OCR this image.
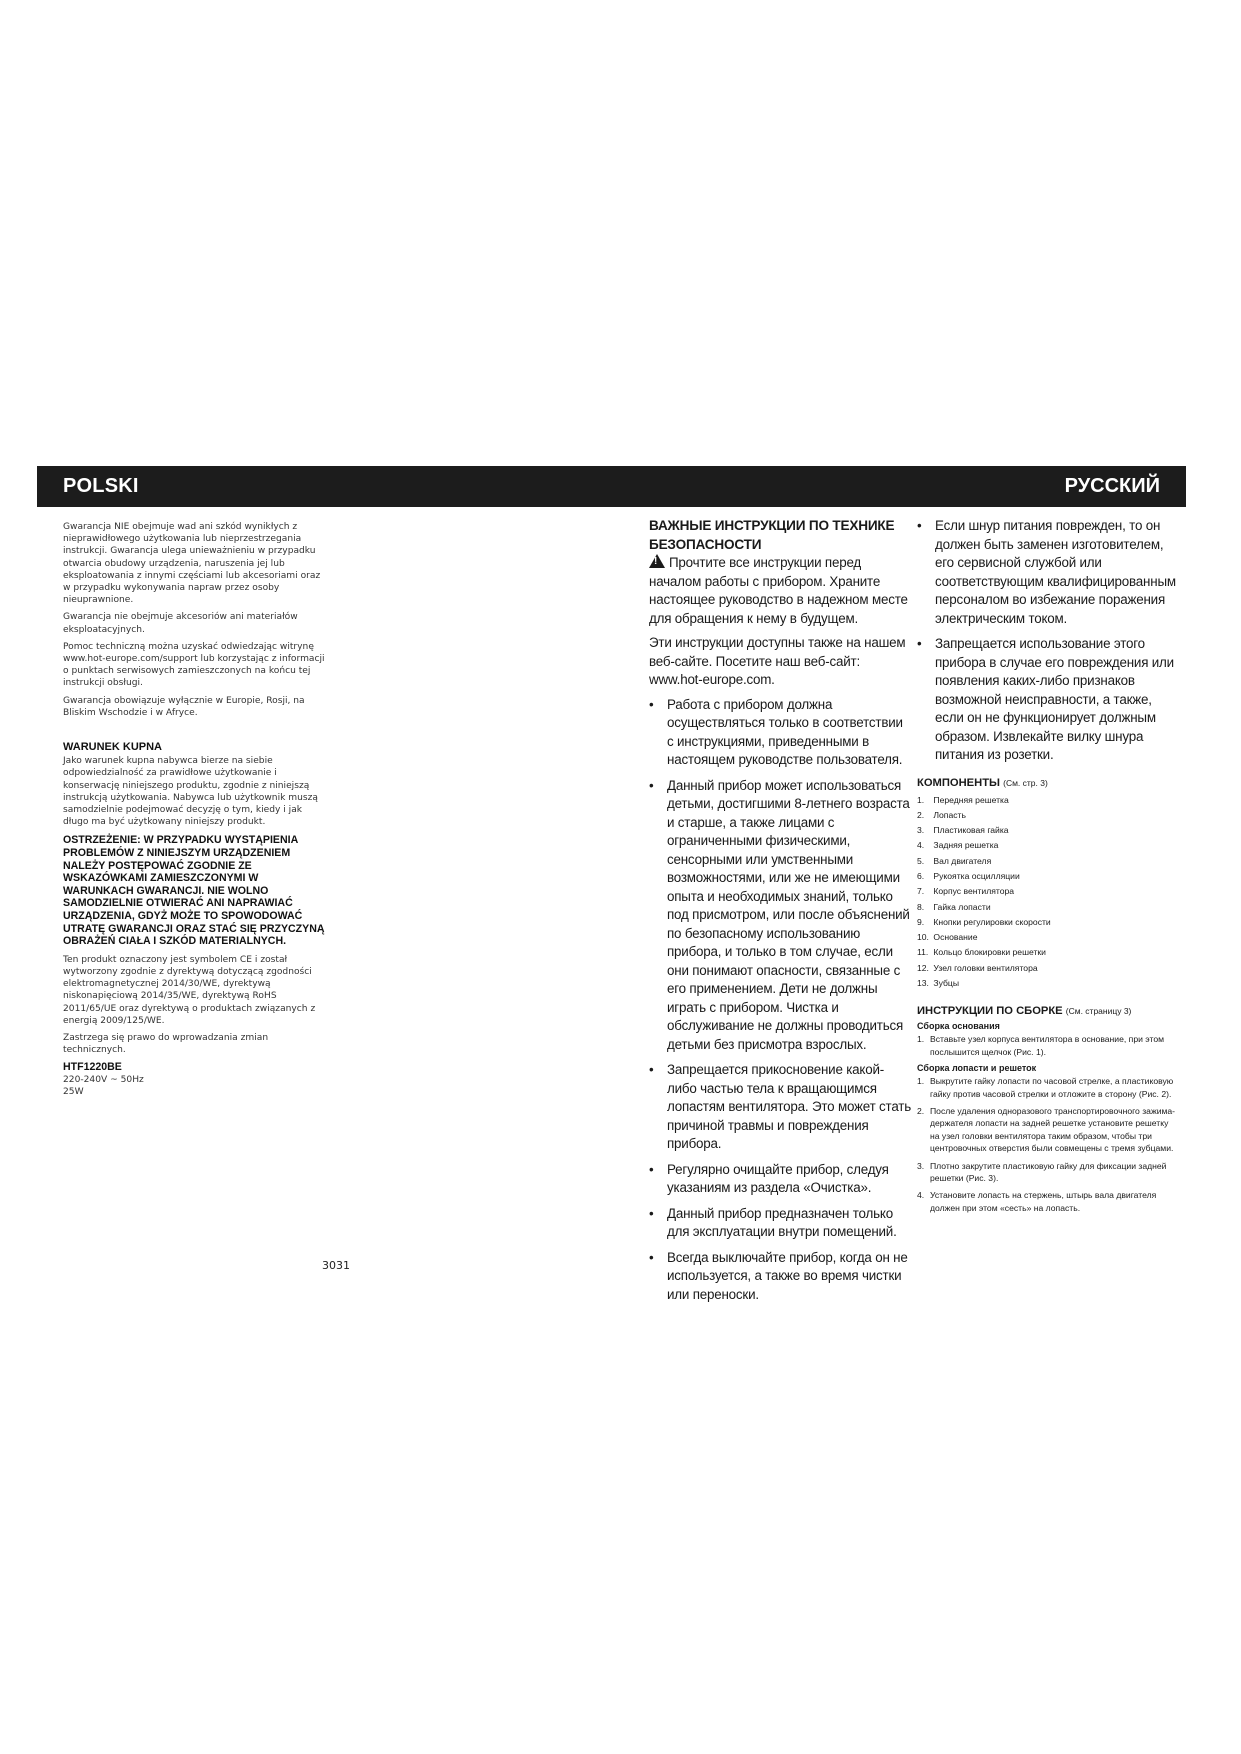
POLSKI	РУССКИЙ

Gwarancja NIE obejmuje wad ani szkód wynikłych z nieprawidłowego użytkowania lub nieprzestrzegania instrukcji. Gwarancja ulega unieważnieniu w przypadku otwarcia obudowy urządzenia, naruszenia jej lub eksploatowania z innymi częściami lub akcesoriami oraz w przypadku wykonywania napraw przez osoby nieuprawnione.

Gwarancja nie obejmuje akcesoriów ani materiałów eksploatacyjnych.

Pomoc techniczną można uzyskać odwiedzając witrynę www.hot-europe.com/support lub korzystając z informacji o punktach serwisowych zamieszczonych na końcu tej instrukcji obsługi.

Gwarancja obowiązuje wyłącznie w Europie, Rosji, na Bliskim Wschodzie i w Afryce.

WARUNEK KUPNA

Jako warunek kupna nabywca bierze na siebie odpowiedzialność za prawidłowe użytkowanie i konserwację niniejszego produktu, zgodnie z niniejszą instrukcją użytkowania. Nabywca lub użytkownik muszą samodzielnie podejmować decyzję o tym, kiedy i jak długo ma być użytkowany niniejszy produkt.

OSTRZEŻENIE: W PRZYPADKU WYSTĄPIENIA PROBLEMÓW Z NINIEJSZYM URZĄDZENIEM NALEŻY POSTĘPOWAĆ ZGODNIE ZE WSKAZÓWKAMI ZAMIESZCZONYMI W WARUNKACH GWARANCJI. NIE WOLNO SAMODZIELNIE OTWIERAĆ ANI NAPRAWIAĆ URZĄDZENIA, GDYŻ MOŻE TO SPOWODOWAĆ UTRATĘ GWARANCJI ORAZ STAĆ SIĘ PRZYCZYNĄ OBRAŻEŃ CIAŁA I SZKÓD MATERIALNYCH.

Ten produkt oznaczony jest symbolem CE i został wytworzony zgodnie z dyrektywą dotyczącą zgodności elektromagnetycznej 2014/30/WE, dyrektywą niskonapięciową 2014/35/WE, dyrektywą RoHS 2011/65/UE oraz dyrektywą o produktach związanych z energią 2009/125/WE.

Zastrzega się prawo do wprowadzania zmian technicznych.

HTF1220BE

220-240V ~ 50Hz

25W

3031
ВАЖНЫЕ ИНСТРУКЦИИ ПО ТЕХНИКЕ БЕЗОПАСНОСТИ

!Прочтите все инструкции перед началом работы с прибором. Храните настоящее руководство в надежном месте для обращения к нему в будущем.

Эти инструкции доступны также на нашем веб-сайте. Посетите наш веб-сайт: www.hot-europe.com.

• Работа с прибором должна осуществляться только в соответствии с инструкциями, приведенными в настоящем руководстве пользователя.
• Данный прибор может использоваться детьми, достигшими 8-летнего возраста и старше, а также лицами с ограниченными физическими, сенсорными или умственными возможностями, или же не имеющими опыта и необходимых знаний, только под присмотром, или после объяснений по безопасному использованию прибора, и только в том случае, если они понимают опасности, связанные с его применением. Дети не должны играть с прибором. Чистка и обслуживание не должны проводиться детьми без присмотра взрослых.
• Запрещается прикосновение какой-либо частью тела к вращающимся лопастям вентилятора. Это может стать причиной травмы и повреждения прибора.
• Регулярно очищайте прибор, следуя указаниям из раздела «Очистка».
• Данный прибор предназначен только для эксплуатации внутри помещений.
• Всегда выключайте прибор, когда он не используется, а также во время чистки или переноски.
• Если шнур питания поврежден, то он должен быть заменен изготовителем, его сервисной службой или соответствующим квалифицированным персоналом во избежание поражения электрическим током.
• Запрещается использование этого прибора в случае его повреждения или появления каких-либо признаков возможной неисправности, а также, если он не функционирует должным образом. Извлекайте вилку шнура питания из розетки.
КОМПОНЕНТЫ (См. стр. 3)
1. Передняя решетка
2. Лопасть
3. Пластиковая гайка
4. Задняя решетка
5. Вал двигателя
6. Рукоятка осцилляции
7. Корпус вентилятора
8. Гайка лопасти
9. Кнопки регулировки скорости
10. Основание
11. Кольцо блокировки решетки
12. Узел головки вентилятора
13. Зубцы
ИНСТРУКЦИИ ПО СБОРКЕ (См. страницу 3)
Сборка основания
1. Вставьте узел корпуса вентилятора в основание, при этом послышится щелчок (Рис. 1).
Сборка лопасти и решеток
1. Выкрутите гайку лопасти по часовой стрелке, а пластиковую гайку против часовой стрелки и отложите в сторону (Рис. 2).
2. После удаления одноразового транспортировочного зажима-держателя лопасти на задней решетке установите решетку на узел головки вентилятора таким образом, чтобы три центровочных отверстия были совмещены с тремя зубцами.
3. Плотно закрутите пластиковую гайку для фиксации задней решетки (Рис. 3).
4. Установите лопасть на стержень, штырь вала двигателя должен при этом «сесть» на лопасть.
